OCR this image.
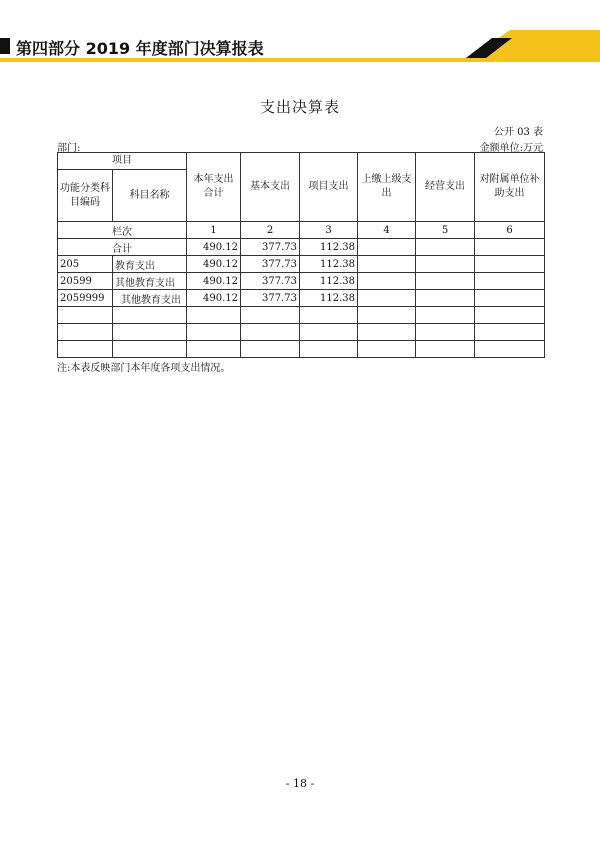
第四部分 2019 年度部门决算报表
支出决算表
公开 03 表
部门:	金额单位:万元
项目		本年支出合计	基本支出	项目支出	上缴上级支出	经营支出	对附属单位补助支出
功能分类科目编码	科目名称						
栏次		1	2	3	4	5	6
合计		490.12	377.73	112.38			
205	教育支出	490.12	377.73	112.38			
20599	其他教育支出	490.12	377.73	112.38			
2059999	其他教育支出	490.12	377.73	112.38			

注:本表反映部门本年度各项支出情况。
- 18 -
